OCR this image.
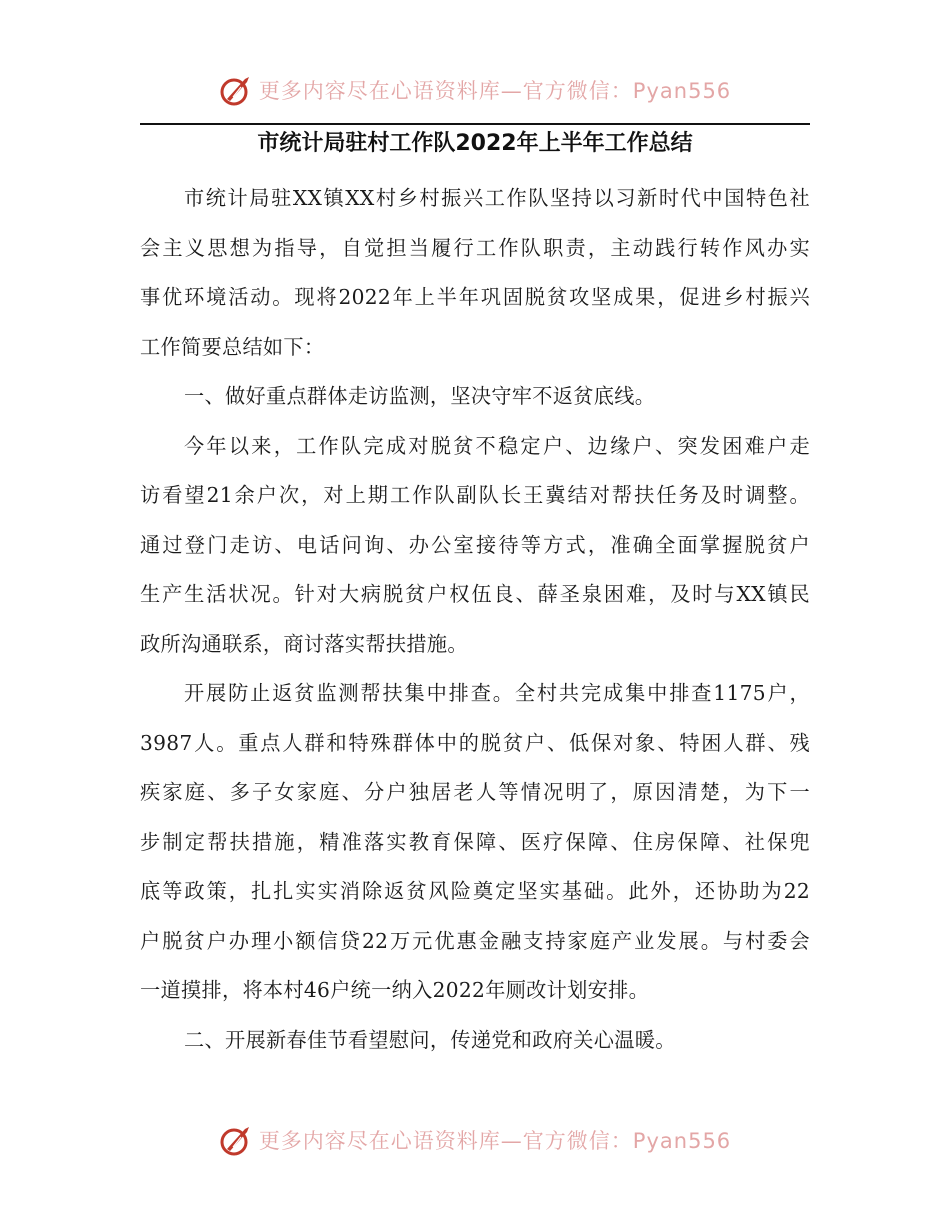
更多内容尽在心语资料库—官方微信：Pyan556
市统计局驻村工作队2022年上半年工作总结
市统计局驻XX镇XX村乡村振兴工作队坚持以习新时代中国特色社
会主义思想为指导，自觉担当履行工作队职责，主动践行转作风办实
事优环境活动。现将2022年上半年巩固脱贫攻坚成果，促进乡村振兴
工作简要总结如下：
一、做好重点群体走访监测，坚决守牢不返贫底线。
今年以来，工作队完成对脱贫不稳定户、边缘户、突发困难户走
访看望21余户次，对上期工作队副队长王冀结对帮扶任务及时调整。
通过登门走访、电话问询、办公室接待等方式，准确全面掌握脱贫户
生产生活状况。针对大病脱贫户权伍良、薛圣泉困难，及时与XX镇民
政所沟通联系，商讨落实帮扶措施。
开展防止返贫监测帮扶集中排查。全村共完成集中排查1175户，
3987人。重点人群和特殊群体中的脱贫户、低保对象、特困人群、残
疾家庭、多子女家庭、分户独居老人等情况明了，原因清楚，为下一
步制定帮扶措施，精准落实教育保障、医疗保障、住房保障、社保兜
底等政策，扎扎实实消除返贫风险奠定坚实基础。此外，还协助为22
户脱贫户办理小额信贷22万元优惠金融支持家庭产业发展。与村委会
一道摸排，将本村46户统一纳入2022年厕改计划安排。
二、开展新春佳节看望慰问，传递党和政府关心温暖。
更多内容尽在心语资料库—官方微信：Pyan556
